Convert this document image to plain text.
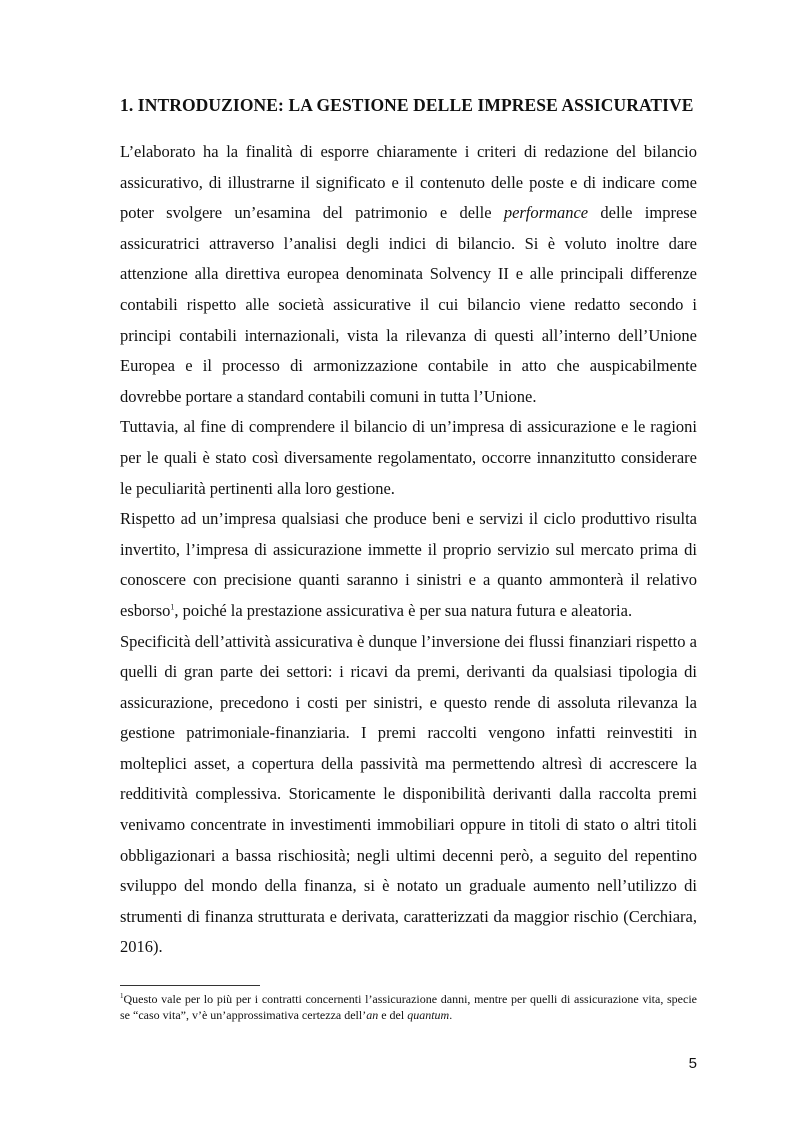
1. INTRODUZIONE: LA GESTIONE DELLE IMPRESE ASSICURATIVE

L’elaborato ha la finalità di esporre chiaramente i criteri di redazione del bilancio assicurativo, di illustrarne il significato e il contenuto delle poste e di indicare come poter svolgere un’esamina del patrimonio e delle performance delle imprese assicuratrici attraverso l’analisi degli indici di bilancio. Si è voluto inoltre dare attenzione alla direttiva europea denominata Solvency II e alle principali differenze contabili rispetto alle società assicurative il cui bilancio viene redatto secondo i principi contabili internazionali, vista la rilevanza di questi all’interno dell’Unione Europea e il processo di armonizzazione contabile in atto che auspicabilmente dovrebbe portare a standard contabili comuni in tutta l’Unione.

Tuttavia, al fine di comprendere il bilancio di un’impresa di assicurazione e le ragioni per le quali è stato così diversamente regolamentato, occorre innanzitutto considerare le peculiarità pertinenti alla loro gestione.

Rispetto ad un’impresa qualsiasi che produce beni e servizi il ciclo produttivo risulta invertito, l’impresa di assicurazione immette il proprio servizio sul mercato prima di conoscere con precisione quanti saranno i sinistri e a quanto ammonterà il relativo esborso$^1$, poiché la prestazione assicurativa è per sua natura futura e aleatoria.

Specificità dell’attività assicurativa è dunque l’inversione dei flussi finanziari rispetto a quelli di gran parte dei settori: i ricavi da premi, derivanti da qualsiasi tipologia di assicurazione, precedono i costi per sinistri, e questo rende di assoluta rilevanza la gestione patrimoniale-finanziaria. I premi raccolti vengono infatti reinvestiti in molteplici asset, a copertura della passività ma permettendo altresì di accrescere la redditività complessiva. Storicamente le disponibilità derivanti dalla raccolta premi venivamo concentrate in investimenti immobiliari oppure in titoli di stato o altri titoli obbligazionari a bassa rischiosità; negli ultimi decenni però, a seguito del repentino sviluppo del mondo della finanza, si è notato un graduale aumento nell’utilizzo di strumenti di finanza strutturata e derivata, caratterizzati da maggior rischio (Cerchiara, 2016).

$^1$Questo vale per lo più per i contratti concernenti l’assicurazione danni, mentre per quelli di assicurazione vita, specie se “caso vita”, v’è un’approssimativa certezza dell’an e del quantum.
5
